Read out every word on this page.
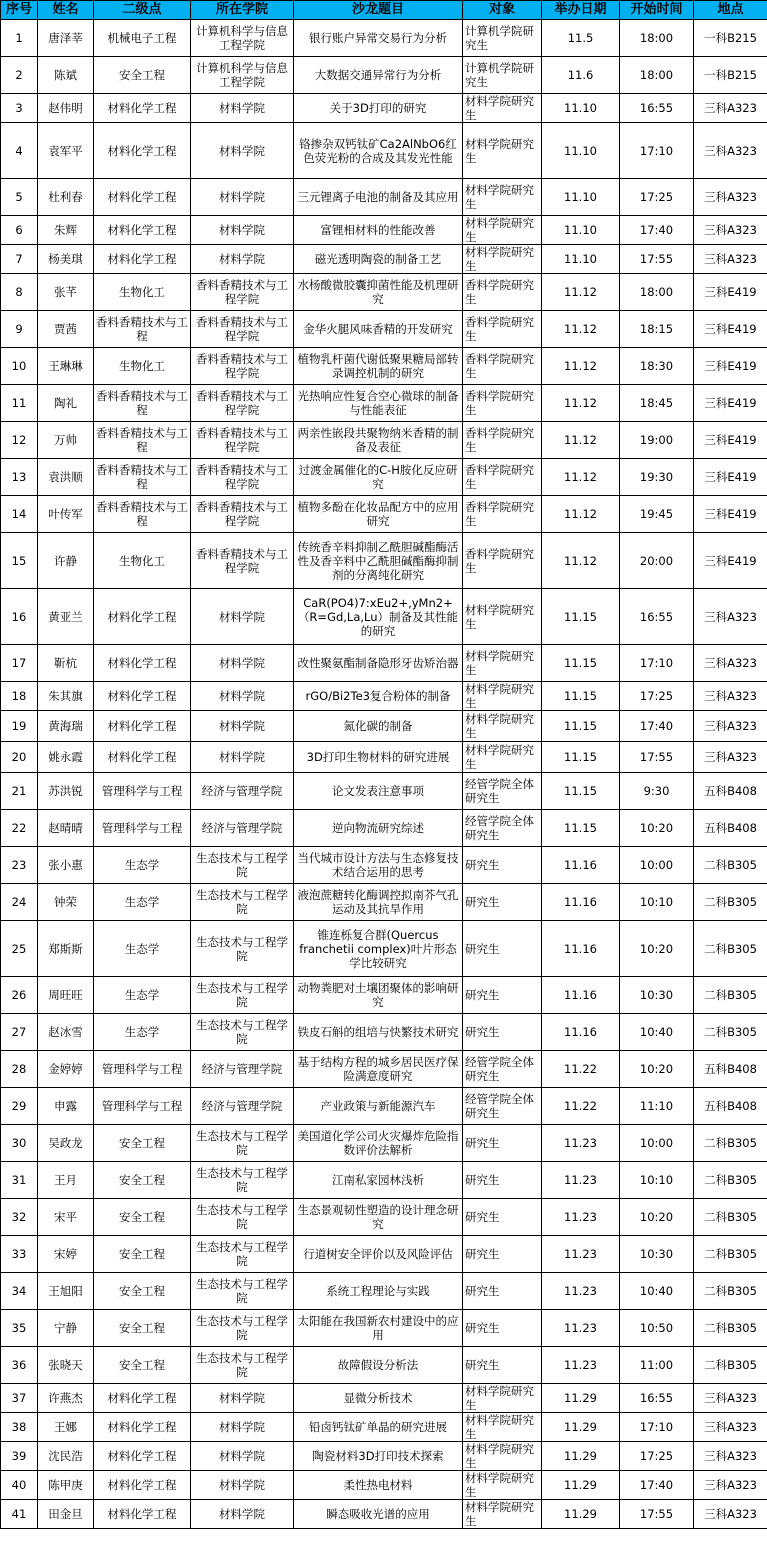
序号	姓名	二级点	所在学院	沙龙题目	对象	举办日期	开始时间	地点
1	唐泽莘	机械电子工程	计算机科学与信息工程学院	银行账户异常交易行为分析	计算机学院研究生	11.5	18:00	一科B215
2	陈斌	安全工程	计算机科学与信息工程学院	大数据交通异常行为分析	计算机学院研究生	11.6	18:00	一科B215
3	赵伟明	材料化学工程	材料学院	关于3D打印的研究	材料学院研究生	11.10	16:55	三科A323
4	袁军平	材料化学工程	材料学院	铬掺杂双钙钛矿Ca2AlNbO6红色荧光粉的合成及其发光性能	材料学院研究生	11.10	17:10	三科A323
5	杜利春	材料化学工程	材料学院	三元锂离子电池的制备及其应用	材料学院研究生	11.10	17:25	三科A323
6	朱辉	材料化学工程	材料学院	富锂相材料的性能改善	材料学院研究生	11.10	17:40	三科A323
7	杨美琪	材料化学工程	材料学院	磁光透明陶瓷的制备工艺	材料学院研究生	11.10	17:55	三科A323
8	张芊	生物化工	香料香精技术与工程学院	水杨酸微胶囊抑菌性能及机理研究	香料学院研究生	11.12	18:00	三科E419
9	贾茜	香料香精技术与工程	香料香精技术与工程学院	金华火腿风味香精的开发研究	香料学院研究生	11.12	18:15	三科E419
10	王琳琳	生物化工	香料香精技术与工程学院	植物乳杆菌代谢低聚果糖局部转录调控机制的研究	香料学院研究生	11.12	18:30	三科E419
11	陶礼	香料香精技术与工程	香料香精技术与工程学院	光热响应性复合空心微球的制备与性能表征	香料学院研究生	11.12	18:45	三科E419
12	万帅	香料香精技术与工程	香料香精技术与工程学院	两亲性嵌段共聚物纳米香精的制备及表征	香料学院研究生	11.12	19:00	三科E419
13	袁洪顺	香料香精技术与工程	香料香精技术与工程学院	过渡金属催化的C-H胺化反应研究	香料学院研究生	11.12	19:30	三科E419
14	叶传军	香料香精技术与工程	香料香精技术与工程学院	植物多酚在化妆品配方中的应用研究	香料学院研究生	11.12	19:45	三科E419
15	许静	生物化工	香料香精技术与工程学院	传统香辛料抑制乙酰胆碱酯酶活性及香辛料中乙酰胆碱酯酶抑制剂的分离纯化研究	香料学院研究生	11.12	20:00	三科E419
16	黄亚兰	材料化学工程	材料学院	CaR(PO4)7:xEu2+,yMn2+（R=Gd,La,Lu）制备及其性能的研究	材料学院研究生	11.15	16:55	三科A323
17	靳杭	材料化学工程	材料学院	改性聚氨酯制备隐形牙齿矫治器	材料学院研究生	11.15	17:10	三科A323
18	朱其旗	材料化学工程	材料学院	rGO/Bi2Te3复合粉体的制备	材料学院研究生	11.15	17:25	三科A323
19	黄海瑞	材料化学工程	材料学院	氮化碳的制备	材料学院研究生	11.15	17:40	三科A323
20	姚永霞	材料化学工程	材料学院	3D打印生物材料的研究进展	材料学院研究生	11.15	17:55	三科A323
21	苏洪锐	管理科学与工程	经济与管理学院	论文发表注意事项	经管学院全体研究生	11.15	9:30	五科B408
22	赵晴晴	管理科学与工程	经济与管理学院	逆向物流研究综述	经管学院全体研究生	11.15	10:20	五科B408
23	张小惠	生态学	生态技术与工程学院	当代城市设计方法与生态修复技术结合运用的思考	研究生	11.16	10:00	二科B305
24	钟荣	生态学	生态技术与工程学院	液泡蔗糖转化酶调控拟南芥气孔运动及其抗旱作用	研究生	11.16	10:10	二科B305
25	郑斯斯	生态学	生态技术与工程学院	锥连栎复合群(Quercus franchetii complex)叶片形态学比较研究	研究生	11.16	10:20	二科B305
26	周旺旺	生态学	生态技术与工程学院	动物粪肥对土壤团聚体的影响研究	研究生	11.16	10:30	二科B305
27	赵冰雪	生态学	生态技术与工程学院	铁皮石斛的组培与快繁技术研究	研究生	11.16	10:40	二科B305
28	金婷婷	管理科学与工程	经济与管理学院	基于结构方程的城乡居民医疗保险满意度研究	经管学院全体研究生	11.22	10:20	五科B408
29	申露	管理科学与工程	经济与管理学院	产业政策与新能源汽车	经管学院全体研究生	11.22	11:10	五科B408
30	吴政龙	安全工程	生态技术与工程学院	美国道化学公司火灾爆炸危险指数评价法解析	研究生	11.23	10:00	二科B305
31	王月	安全工程	生态技术与工程学院	江南私家园林浅析	研究生	11.23	10:10	二科B305
32	宋平	安全工程	生态技术与工程学院	生态景观韧性塑造的设计理念研究	研究生	11.23	10:20	二科B305
33	宋婷	安全工程	生态技术与工程学院	行道树安全评价以及风险评估	研究生	11.23	10:30	二科B305
34	王旭阳	安全工程	生态技术与工程学院	系统工程理论与实践	研究生	11.23	10:40	二科B305
35	宁静	安全工程	生态技术与工程学院	太阳能在我国新农村建设中的应用	研究生	11.23	10:50	二科B305
36	张晓天	安全工程	生态技术与工程学院	故障假设分析法	研究生	11.23	11:00	二科B305
37	许燕杰	材料化学工程	材料学院	显微分析技术	材料学院研究生	11.29	16:55	三科A323
38	王娜	材料化学工程	材料学院	铅卤钙钛矿单晶的研究进展	材料学院研究生	11.29	17:10	三科A323
39	沈民浩	材料化学工程	材料学院	陶瓷材料3D打印技术探索	材料学院研究生	11.29	17:25	三科A323
40	陈甲庚	材料化学工程	材料学院	柔性热电材料	材料学院研究生	11.29	17:40	三科A323
41	田金旦	材料化学工程	材料学院	瞬态吸收光谱的应用	材料学院研究生	11.29	17:55	三科A323
